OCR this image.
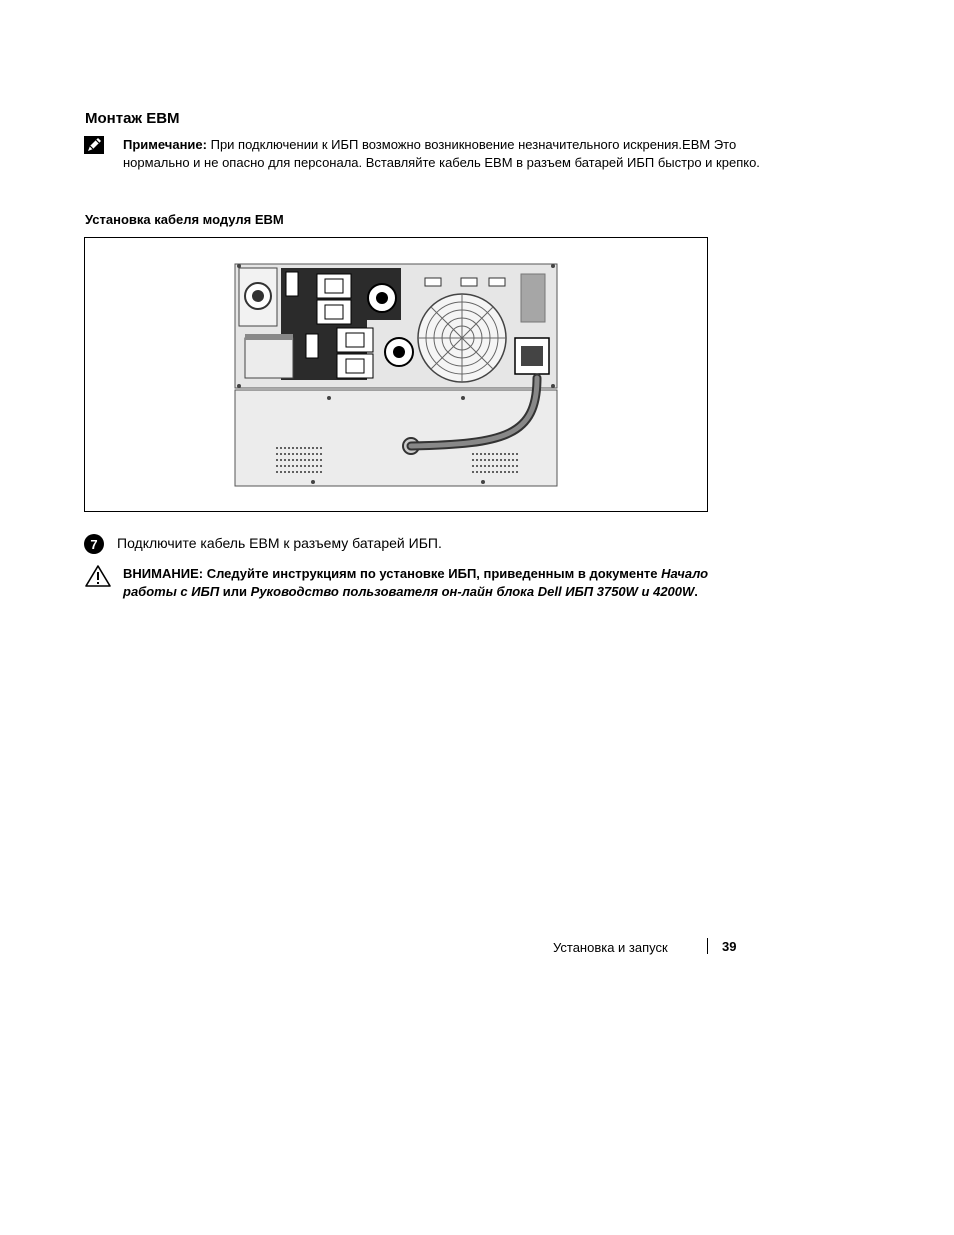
Монтаж EBM
Примечание: При подключении к ИБП возможно возникновение незначительного искрения.EBM Это нормально и не опасно для персонала. Вставляйте кабель EBM в разъем батарей ИБП быстро и крепко.
Установка кабеля модуля EBM
7	Подключите кабель EBM к разъему батарей ИБП.
ВНИМАНИЕ: Следуйте инструкциям по установке ИБП, приведенным в документе Начало работы с ИБП или Руководство пользователя он-лайн блока Dell ИБП 3750W и 4200W.
Установка и запуск	39
